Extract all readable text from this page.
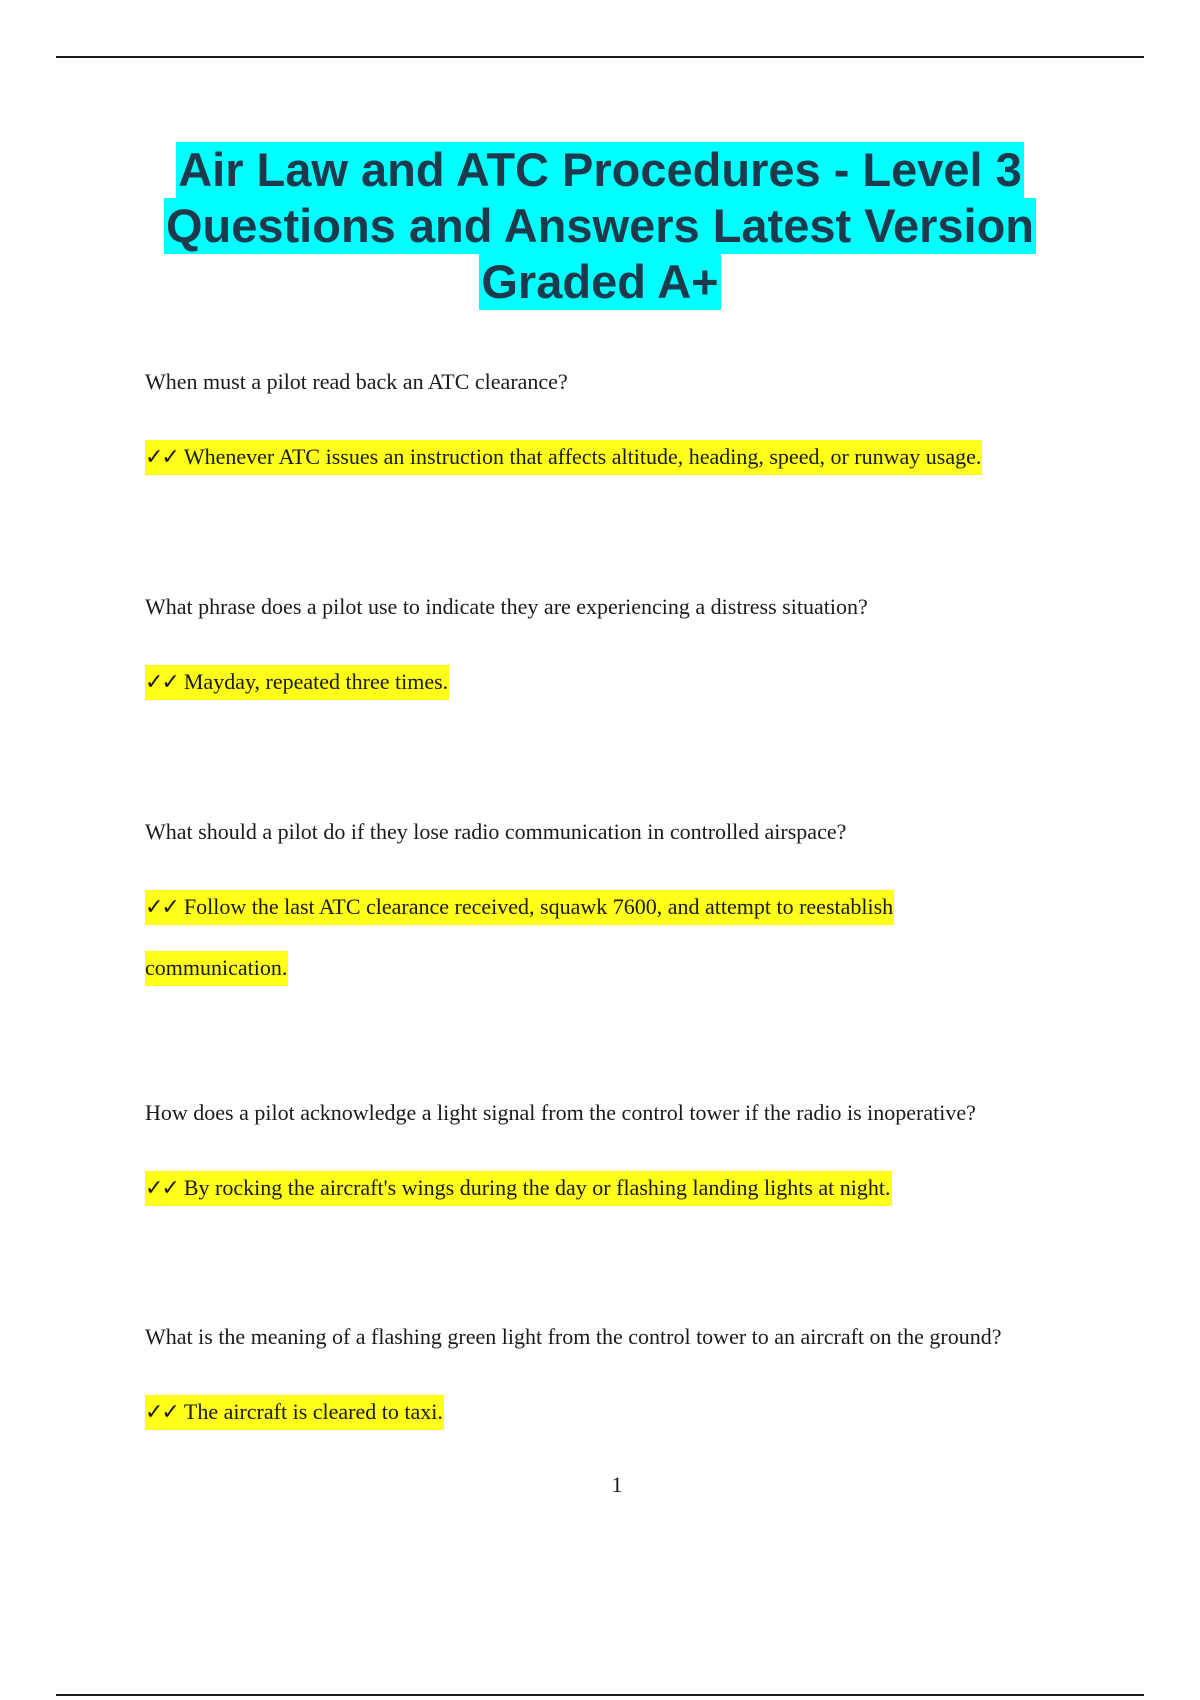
Air Law and ATC Procedures - Level 3
Questions and Answers Latest Version
Graded A+

When must a pilot read back an ATC clearance?

✓✓ Whenever ATC issues an instruction that affects altitude, heading, speed, or runway usage.

What phrase does a pilot use to indicate they are experiencing a distress situation?

✓✓ Mayday, repeated three times.

What should a pilot do if they lose radio communication in controlled airspace?

✓✓ Follow the last ATC clearance received, squawk 7600, and attempt to reestablish communication.

How does a pilot acknowledge a light signal from the control tower if the radio is inoperative?

✓✓ By rocking the aircraft's wings during the day or flashing landing lights at night.

What is the meaning of a flashing green light from the control tower to an aircraft on the ground?

✓✓ The aircraft is cleared to taxi.

1
